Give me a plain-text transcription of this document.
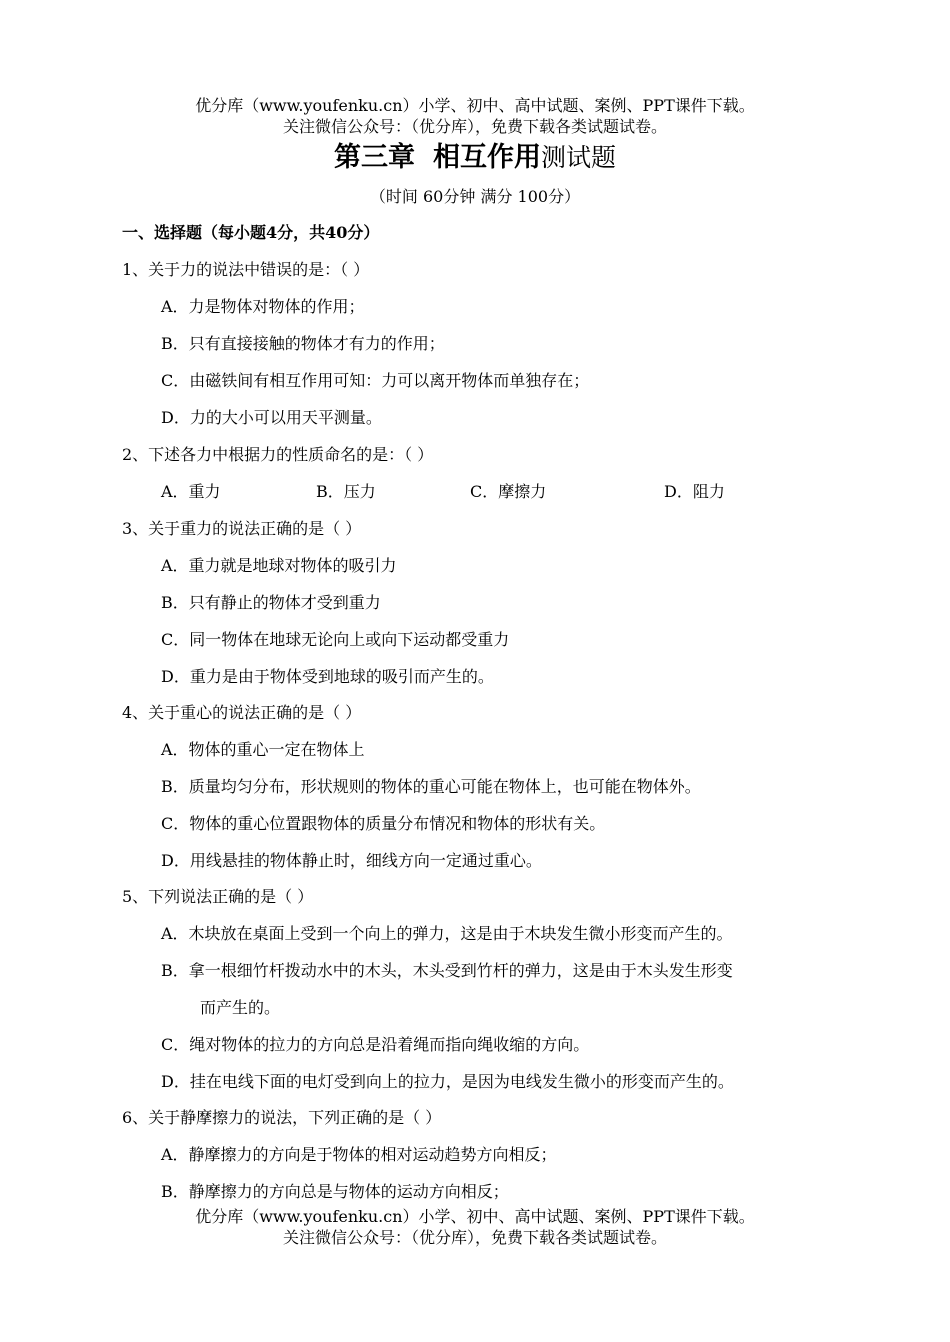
优分库（www.youfenku.cn）小学、初中、高中试题、案例、PPT课件下载。
关注微信公众号：（优分库），免费下载各类试题试卷。
第三章 相互作用测试题
（时间 60分钟 满分 100分）
一、选择题（每小题4分，共40分）
1、关于力的说法中错误的是：（ ）
A．力是物体对物体的作用；
B．只有直接接触的物体才有力的作用；
C．由磁铁间有相互作用可知：力可以离开物体而单独存在；
D．力的大小可以用天平测量。
2、下述各力中根据力的性质命名的是：（ ）
A．重力	B．压力	C．摩擦力	D．阻力
3、关于重力的说法正确的是（ ）
A．重力就是地球对物体的吸引力
B．只有静止的物体才受到重力
C．同一物体在地球无论向上或向下运动都受重力
D．重力是由于物体受到地球的吸引而产生的。
4、关于重心的说法正确的是（ ）
A．物体的重心一定在物体上
B．质量均匀分布，形状规则的物体的重心可能在物体上，也可能在物体外。
C．物体的重心位置跟物体的质量分布情况和物体的形状有关。
D．用线悬挂的物体静止时，细线方向一定通过重心。
5、下列说法正确的是（ ）
A．木块放在桌面上受到一个向上的弹力，这是由于木块发生微小形变而产生的。
B．拿一根细竹杆拨动水中的木头，木头受到竹杆的弹力，这是由于木头发生形变
而产生的。
C．绳对物体的拉力的方向总是沿着绳而指向绳收缩的方向。
D．挂在电线下面的电灯受到向上的拉力，是因为电线发生微小的形变而产生的。
6、关于静摩擦力的说法，下列正确的是（ ）
A．静摩擦力的方向是于物体的相对运动趋势方向相反；
B．静摩擦力的方向总是与物体的运动方向相反；
优分库（www.youfenku.cn）小学、初中、高中试题、案例、PPT课件下载。
关注微信公众号：（优分库），免费下载各类试题试卷。
